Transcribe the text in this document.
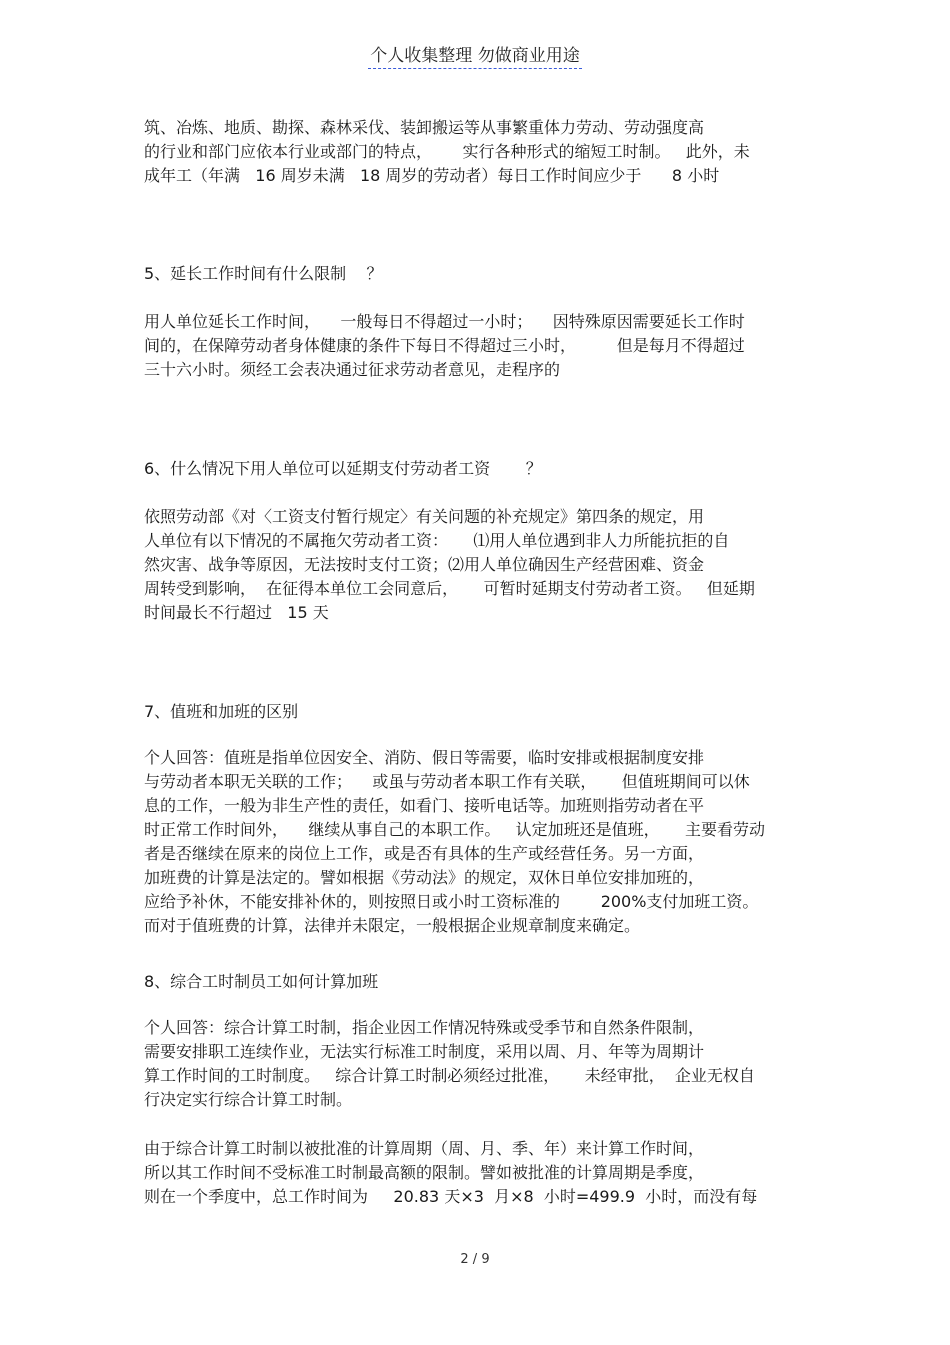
个人收集整理 勿做商业用途
筑、冶炼、地质、勘探、森林采伐、装卸搬运等从事繁重体力劳动、劳动强度高
的行业和部门应依本行业或部门的特点，      实行各种形式的缩短工时制。   此外，未
成年工（年满   16 周岁未满   18 周岁的劳动者）每日工作时间应少于      8 小时
5、延长工作时间有什么限制    ？
用人单位延长工作时间，    一般每日不得超过一小时；    因特殊原因需要延长工作时
间的，在保障劳动者身体健康的条件下每日不得超过三小时，        但是每月不得超过
三十六小时。须经工会表决通过征求劳动者意见，走程序的
6、什么情况下用人单位可以延期支付劳动者工资       ？
依照劳动部《对〈工资支付暂行规定〉有关问题的补充规定》第四条的规定，用
人单位有以下情况的不属拖欠劳动者工资：     ⑴用人单位遇到非人力所能抗拒的自
然灾害、战争等原因，无法按时支付工资；⑵用人单位确因生产经营困难、资金
周转受到影响，  在征得本单位工会同意后，     可暂时延期支付劳动者工资。   但延期
时间最长不行超过   15 天
7、值班和加班的区别
个人回答：值班是指单位因安全、消防、假日等需要，临时安排或根据制度安排
与劳动者本职无关联的工作；    或虽与劳动者本职工作有关联，     但值班期间可以休
息的工作，一般为非生产性的责任，如看门、接听电话等。加班则指劳动者在平
时正常工作时间外，    继续从事自己的本职工作。   认定加班还是值班，     主要看劳动
者是否继续在原来的岗位上工作，或是否有具体的生产或经营任务。另一方面，
加班费的计算是法定的。譬如根据《劳动法》的规定，双休日单位安排加班的，
应给予补休，不能安排补休的，则按照日或小时工资标准的        200%支付加班工资。
而对于值班费的计算，法律并未限定，一般根据企业规章制度来确定。
8、综合工时制员工如何计算加班
个人回答：综合计算工时制，指企业因工作情况特殊或受季节和自然条件限制，
需要安排职工连续作业，无法实行标准工时制度，采用以周、月、年等为周期计
算工作时间的工时制度。   综合计算工时制必须经过批准，     未经审批，  企业无权自
行决定实行综合计算工时制。
由于综合计算工时制以被批准的计算周期（周、月、季、年）来计算工作时间，
所以其工作时间不受标准工时制最高额的限制。譬如被批准的计算周期是季度，
则在一个季度中，总工作时间为     20.83 天×3  月×8  小时=499.9  小时，而没有每
2 / 9
